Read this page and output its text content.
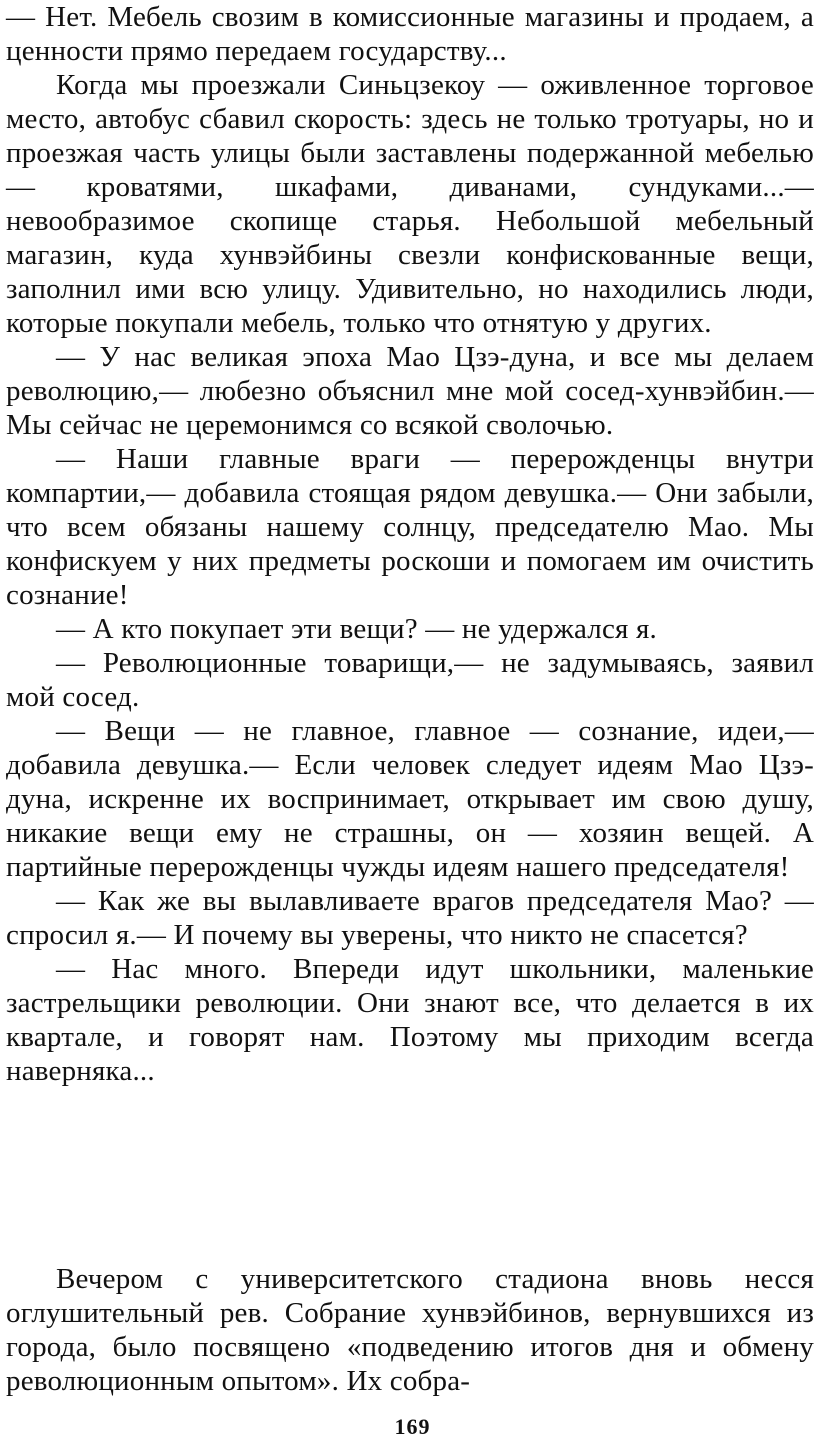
— Нет. Мебель свозим в комиссионные магазины и продаем, а ценности прямо передаем государству...

Когда мы проезжали Синьцзекоу — оживленное торговое место, автобус сбавил скорость: здесь не только тротуары, но и проезжая часть улицы были заставлены подержанной мебелью — кроватями, шкафами, диванами, сундуками...— невообразимое скопище старья. Небольшой мебельный магазин, куда хунвэйбины свезли конфискованные вещи, заполнил ими всю улицу. Удивительно, но находились люди, которые покупали мебель, только что отнятую у других.

— У нас великая эпоха Мао Цзэ-дуна, и все мы делаем революцию,— любезно объяснил мне мой сосед-хунвэйбин.— Мы сейчас не церемонимся со всякой сволочью.

— Наши главные враги — перерожденцы внутри компартии,— добавила стоящая рядом девушка.— Они забыли, что всем обязаны нашему солнцу, председателю Мао. Мы конфискуем у них предметы роскоши и помогаем им очистить сознание!

— А кто покупает эти вещи? — не удержался я.

— Революционные товарищи,— не задумываясь, заявил мой сосед.

— Вещи — не главное, главное — сознание, идеи,— добавила девушка.— Если человек следует идеям Мао Цзэ-дуна, искренне их воспринимает, открывает им свою душу, никакие вещи ему не страшны, он — хозяин вещей. А партийные перерожденцы чужды идеям нашего председателя!

— Как же вы вылавливаете врагов председателя Мао? — спросил я.— И почему вы уверены, что никто не спасется?

— Нас много. Впереди идут школьники, маленькие застрельщики революции. Они знают все, что делается в их квартале, и говорят нам. Поэтому мы приходим всегда наверняка...

Вечером с университетского стадиона вновь несся оглушительный рев. Собрание хунвэйбинов, вернувшихся из города, было посвящено «подведению итогов дня и обмену революционным опытом». Их собра-

169
